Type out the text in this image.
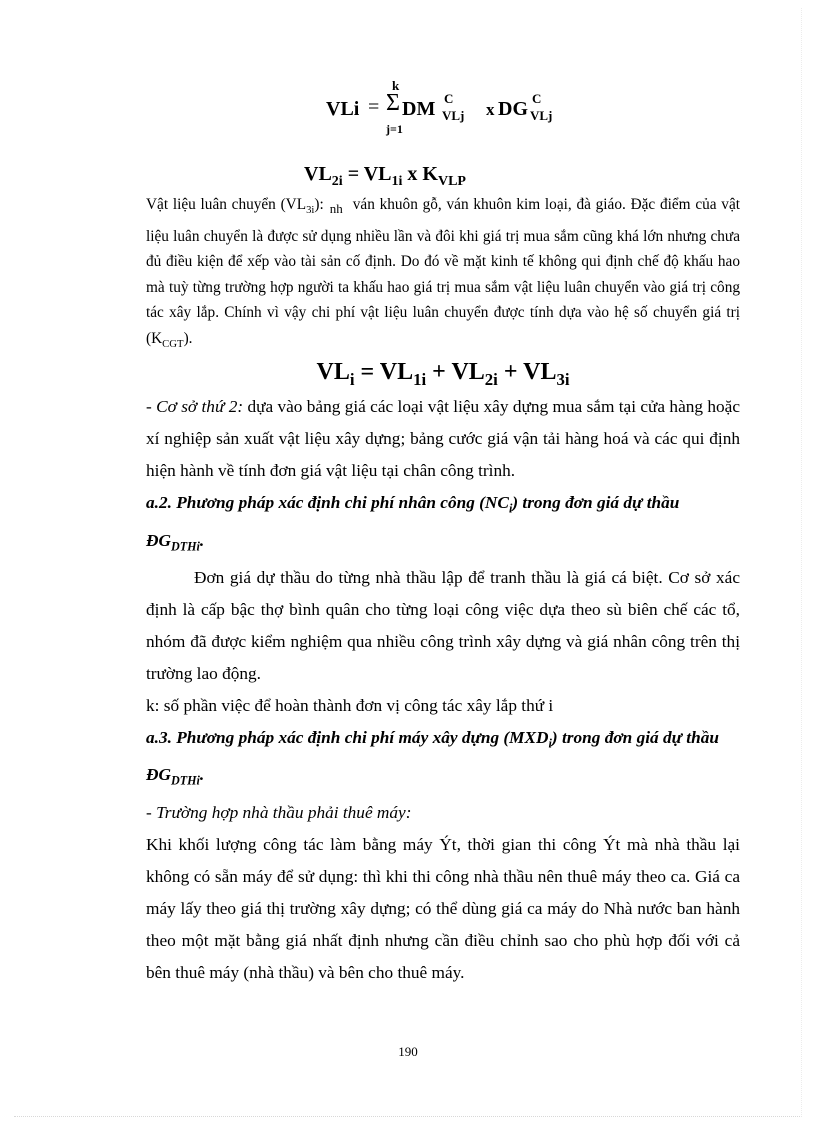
VLi =
k
Σ
j=1
DM C
VLj x DG C
VLj
$VL_{2i} = VL_{1i}$ x $K_{VLP}$

Vật liệu luân chuyển $(VL_{3i})$: $_{nh}$ ván khuôn gỗ, ván khuôn kim loại, đà giáo. Đặc điểm của vật liệu luân chuyển là được sử dụng nhiều lần và đôi khi giá trị mua sắm cũng khá lớn nhưng chưa đủ điều kiện để xếp vào tài sản cố định. Do đó về mặt kinh tế không qui định chế độ khấu hao mà tuỳ từng trường hợp người ta khấu hao giá trị mua sắm vật liệu luân chuyển vào giá trị công tác xây lắp. Chính vì vậy chi phí vật liệu luân chuyển được tính dựa vào hệ số chuyển giá trị $(K_{CGT})$.

$VL_i = VL_{1i} + VL_{2i} + VL_{3i}$

- Cơ sở thứ 2: dựa vào bảng giá các loại vật liệu xây dựng mua sắm tại cửa hàng hoặc xí nghiệp sản xuất vật liệu xây dựng; bảng cước giá vận tải hàng hoá và các qui định hiện hành về tính đơn giá vật liệu tại chân công trình.

a.2. Phương pháp xác định chi phí nhân công $(NC_i)$ trong đơn giá dự thầu $ĐG_{DTHi}$.

Đơn giá dự thầu do từng nhà thầu lập để tranh thầu là giá cá biệt. Cơ sở xác định là cấp bậc thợ bình quân cho từng loại công việc dựa theo sù biên chế các tổ, nhóm đã được kiểm nghiệm qua nhiều công trình xây dựng và giá nhân công trên thị trường lao động.

k: số phần việc để hoàn thành đơn vị công tác xây lắp thứ i

a.3. Phương pháp xác định chi phí máy xây dựng $(MXD_i)$ trong đơn giá dự thầu $ĐG_{DTHi}$.

- Trường hợp nhà thầu phải thuê máy:

Khi khối lượng công tác làm bằng máy Ýt, thời gian thi công Ýt mà nhà thầu lại không có sẵn máy để sử dụng: thì khi thi công nhà thầu nên thuê máy theo ca. Giá ca máy lấy theo giá thị trường xây dựng; có thể dùng giá ca máy do Nhà nước ban hành theo một mặt bằng giá nhất định nhưng cần điều chỉnh sao cho phù hợp đối với cả bên thuê máy (nhà thầu) và bên cho thuê máy.

190
